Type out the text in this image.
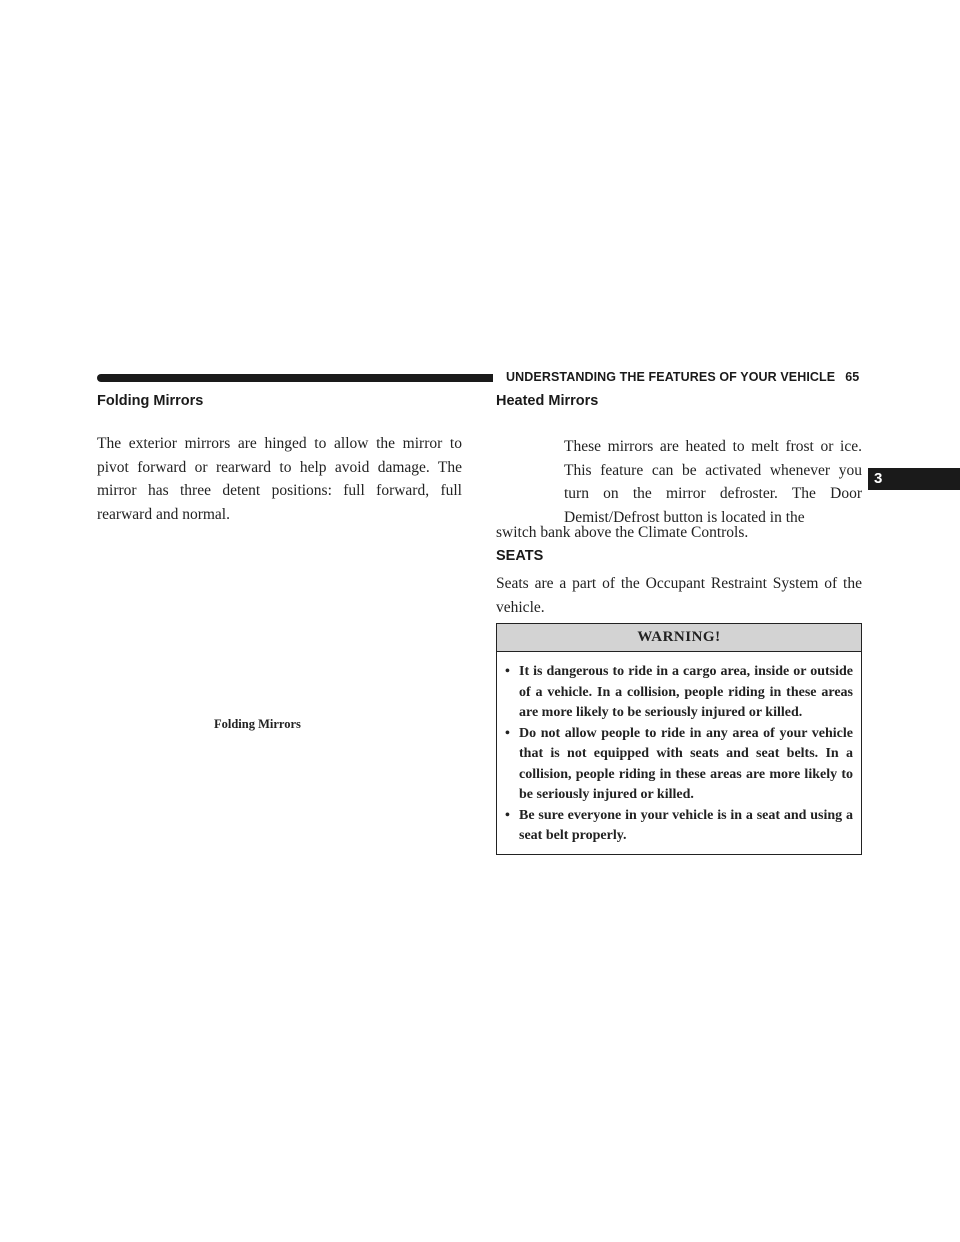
UNDERSTANDING THE FEATURES OF YOUR VEHICLE 65
3
Folding Mirrors

The exterior mirrors are hinged to allow the mirror to pivot forward or rearward to help avoid damage. The mirror has three detent positions: full forward, full rearward and normal.

Folding Mirrors
Heated Mirrors

These mirrors are heated to melt frost or ice. This feature can be activated whenever you turn on the mirror defroster. The Door Demist/Defrost button is located in the

switch bank above the Climate Controls.

SEATS

Seats are a part of the Occupant Restraint System of the vehicle.

WARNING!
• It is dangerous to ride in a cargo area, inside or outside of a vehicle. In a collision, people riding in these areas are more likely to be seriously injured or killed.
• Do not allow people to ride in any area of your vehicle that is not equipped with seats and seat belts. In a collision, people riding in these areas are more likely to be seriously injured or killed.
• Be sure everyone in your vehicle is in a seat and using a seat belt properly.
